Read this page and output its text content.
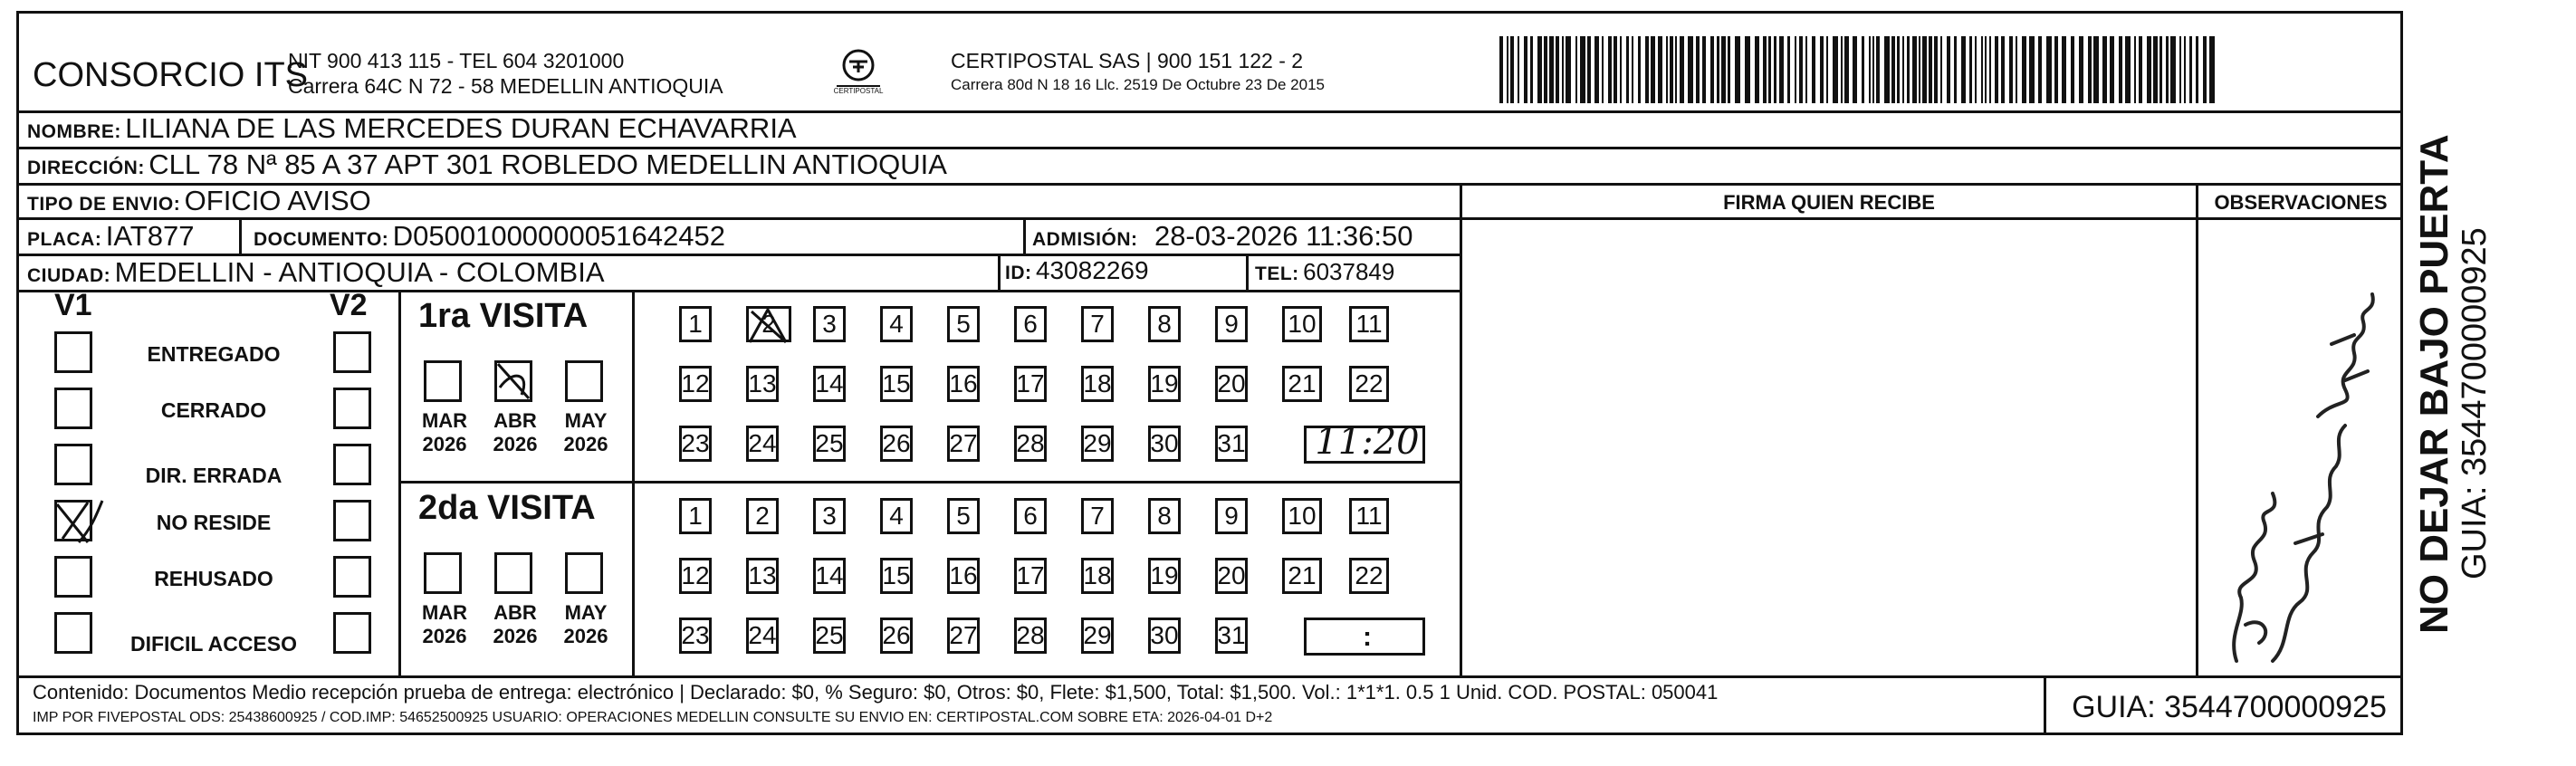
CONSORCIO ITS
NIT 900 413 115 - TEL 604 3201000
Carrera 64C N 72 - 58 MEDELLIN ANTIOQUIA	CERTIPOSTAL
CERTIPOSTAL SAS | 900 151 122 - 2
Carrera 80d N 18 16 Llc. 2519 De Octubre 23 De 2015
NOMBRE: LILIANA DE LAS MERCEDES DURAN ECHAVARRIA
DIRECCIÓN: CLL 78 Nª 85 A 37 APT 301 ROBLEDO MEDELLIN ANTIOQUIA
TIPO DE ENVIO: OFICIO AVISO
PLACA: IAT877	DOCUMENTO: D05001000000051642452	ADMISIÓN: 28-03-2026 11:36:50
CIUDAD: MEDELLIN - ANTIOQUIA - COLOMBIA	ID: 43082269	TEL: 6037849
FIRMA QUIEN RECIBE	OBSERVACIONES
V1	V2
ENTREGADO
CERRADO
DIR. ERRADA
NO RESIDE
REHUSADO
DIFICIL ACCESO
1ra VISITA
2da VISITA
MAR
2026
ABR
2026
MAY
2026
MAR
2026
ABR
2026
MAY
2026
1 2 3 4 5 6 7 8 9 10 11
12 13 14 15 16 17 18 19 20 21 22
23 24 25 26 27 28 29 30 31
1 2 3 4 5 6 7 8 9 10 11
12 13 14 15 16 17 18 19 20 21 22
23 24 25 26 27 28 29 30 31
11:20
:
Contenido: Documentos Medio recepción prueba de entrega: electrónico | Declarado: $0, % Seguro: $0, Otros: $0, Flete: $1,500, Total: $1,500. Vol.: 1*1*1. 0.5 1 Unid. COD. POSTAL: 050041
IMP POR FIVEPOSTAL ODS: 25438600925 / COD.IMP: 54652500925 USUARIO: OPERACIONES MEDELLIN CONSULTE SU ENVIO EN: CERTIPOSTAL.COM SOBRE ETA: 2026-04-01 D+2	GUIA: 3544700000925
NO DEJAR BAJO PUERTA GUIA: 3544700000925
